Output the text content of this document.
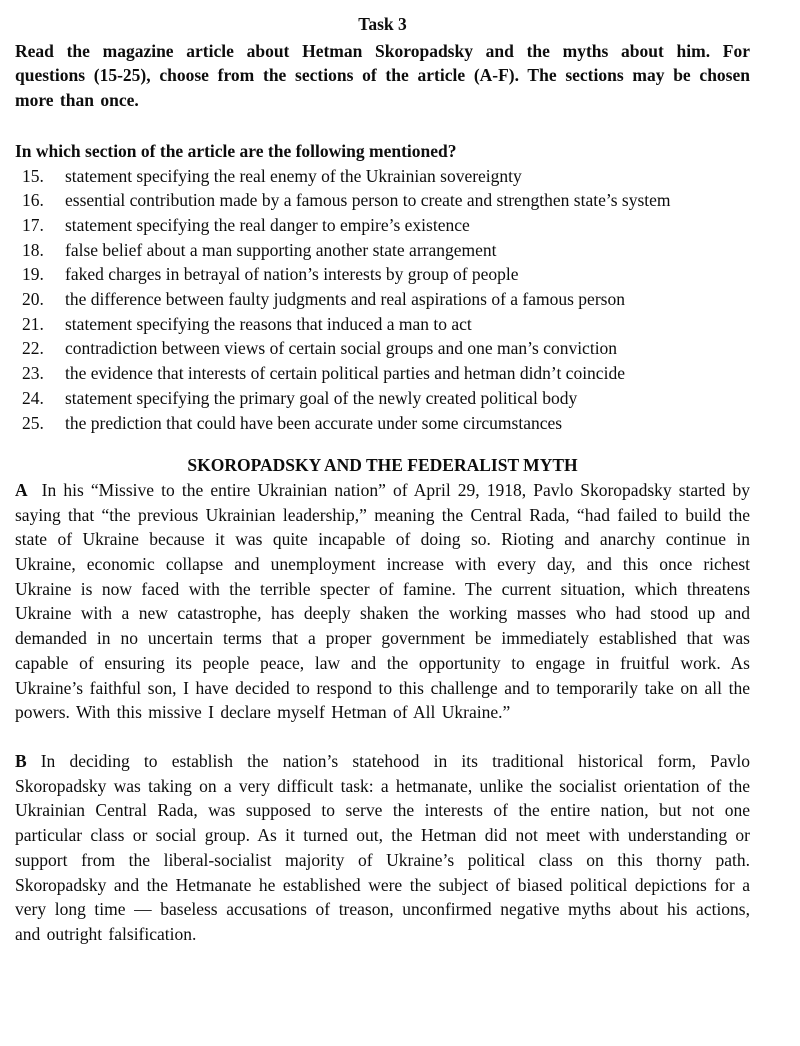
Task 3

Read the magazine article about Hetman Skoropadsky and the myths about him. For questions (15-25), choose from the sections of the article (A-F). The sections may be chosen more than once.

In which section of the article are the following mentioned?

15.	statement specifying the real enemy of the Ukrainian sovereignty
16.	essential contribution made by a famous person to create and strengthen state’s system
17.	statement specifying the real danger to empire’s existence
18.	false belief about a man supporting another state arrangement
19.	faked charges in betrayal of nation’s interests by group of people
20.	the difference between faulty judgments and real aspirations of a famous person
21.	statement specifying the reasons that induced a man to act
22.	contradiction between views of certain social groups and one man’s conviction
23.	the evidence that interests of certain political parties and hetman didn’t coincide
24.	statement specifying the primary goal of the newly created political body
25.	the prediction that could have been accurate under some circumstances
SKOROPADSKY AND THE FEDERALIST MYTH

A In his “Missive to the entire Ukrainian nation” of April 29, 1918, Pavlo Skoropadsky started by saying that “the previous Ukrainian leadership,” meaning the Central Rada, “had failed to build the state of Ukraine because it was quite incapable of doing so. Rioting and anarchy continue in Ukraine, economic collapse and unemployment increase with every day, and this once richest Ukraine is now faced with the terrible specter of famine. The current situation, which threatens Ukraine with a new catastrophe, has deeply shaken the working masses who had stood up and demanded in no uncertain terms that a proper government be immediately established that was capable of ensuring its people peace, law and the opportunity to engage in fruitful work. As Ukraine’s faithful son, I have decided to respond to this challenge and to temporarily take on all the powers. With this missive I declare myself Hetman of All Ukraine.”

B In deciding to establish the nation’s statehood in its traditional historical form, Pavlo Skoropadsky was taking on a very difficult task: a hetmanate, unlike the socialist orientation of the Ukrainian Central Rada, was supposed to serve the interests of the entire nation, but not one particular class or social group. As it turned out, the Hetman did not meet with understanding or support from the liberal-socialist majority of Ukraine’s political class on this thorny path. Skoropadsky and the Hetmanate he established were the subject of biased political depictions for a very long time — baseless accusations of treason, unconfirmed negative myths about his actions, and outright falsification.
